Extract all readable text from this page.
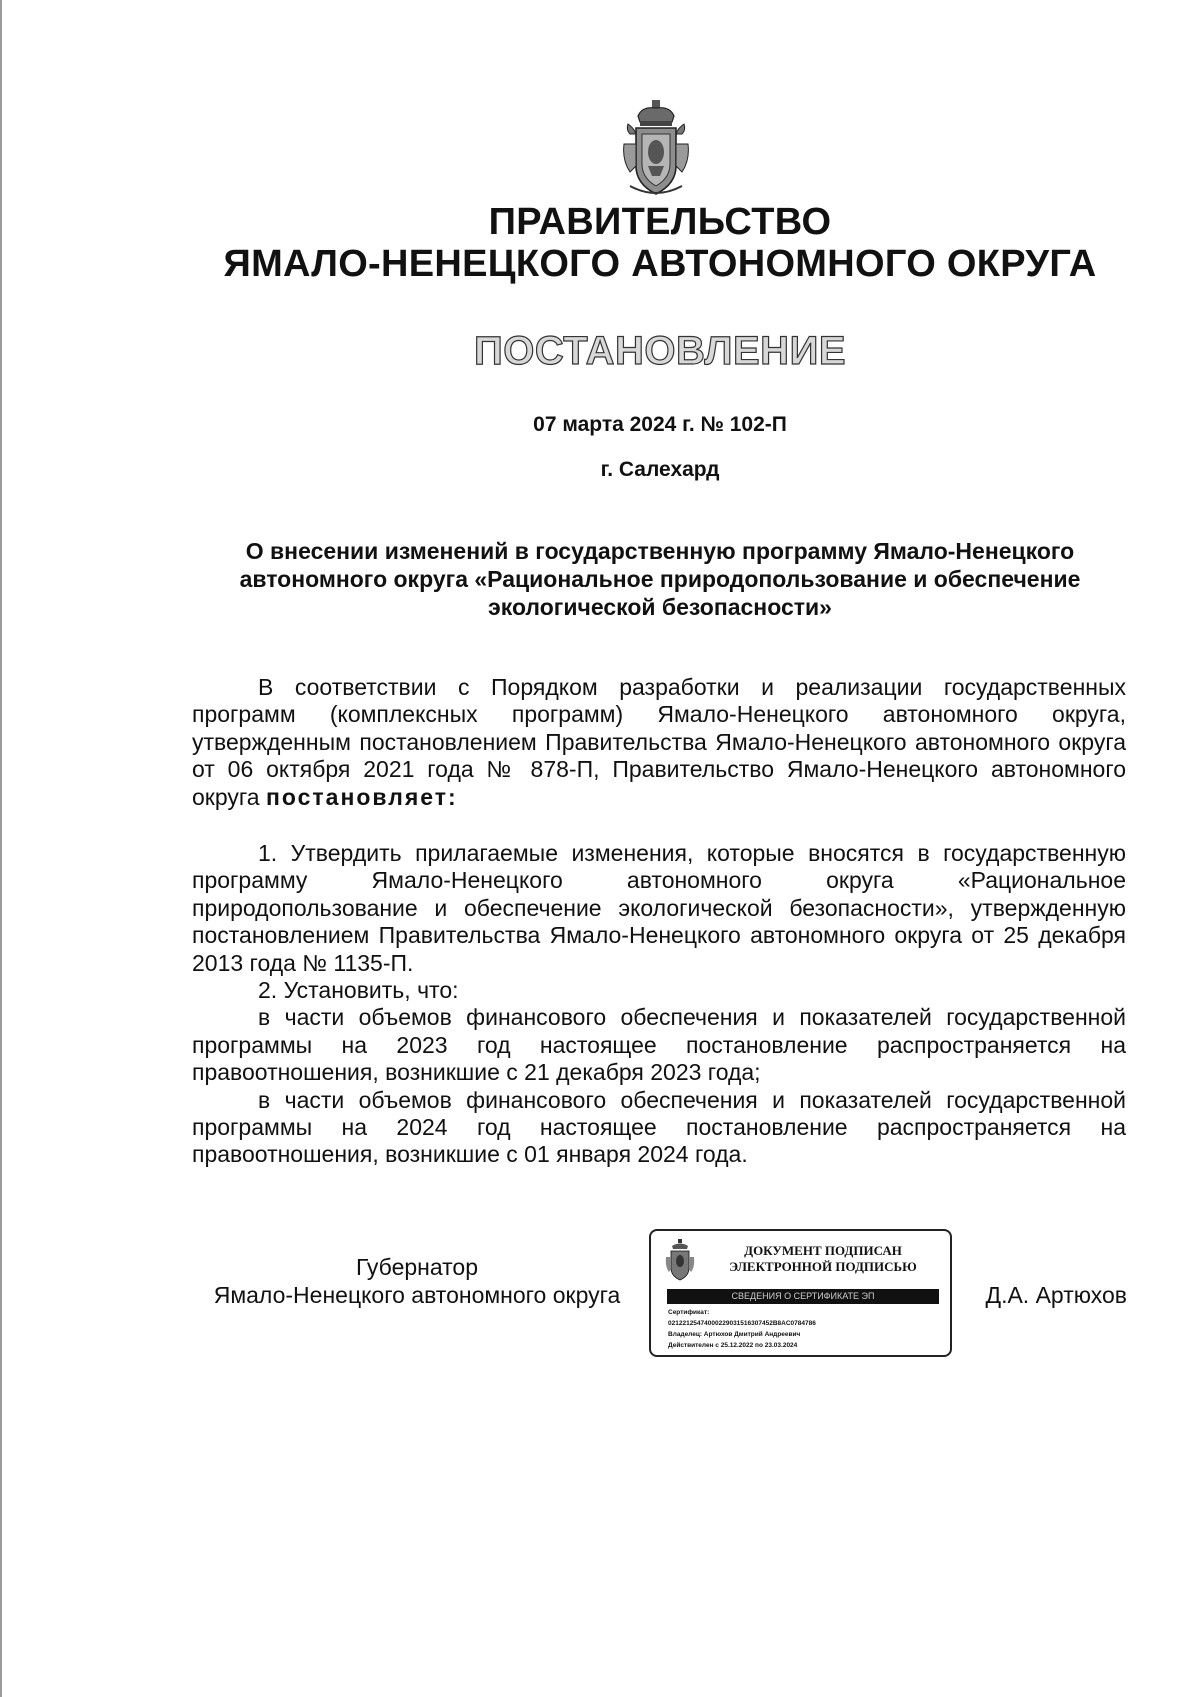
ПРАВИТЕЛЬСТВО
ЯМАЛО-НЕНЕЦКОГО АВТОНОМНОГО ОКРУГА
ПОСТАНОВЛЕНИЕ
07 марта 2024 г. № 102-П
г. Салехард
О внесении изменений в государственную программу Ямало-Ненецкого
автономного округа «Рациональное природопользование и обеспечение
экологической безопасности»

В соответствии с Порядком разработки и реализации государственных программ (комплексных программ) Ямало-Ненецкого автономного округа, утвержденным постановлением Правительства Ямало-Ненецкого автономного округа от 06 октября 2021 года № 878-П, Правительство Ямало-Ненецкого автономного округа постановляет:

1. Утвердить прилагаемые изменения, которые вносятся в государственную программу Ямало-Ненецкого автономного округа «Рациональное природопользование и обеспечение экологической безопасности», утвержденную постановлением Правительства Ямало-Ненецкого автономного округа от 25 декабря 2013 года № 1135-П.

2. Установить, что:

в части объемов финансового обеспечения и показателей государственной программы на 2023 год настоящее постановление распространяется на правоотношения, возникшие с 21 декабря 2023 года;

в части объемов финансового обеспечения и показателей государственной программы на 2024 год настоящее постановление распространяется на правоотношения, возникшие с 01 января 2024 года.

Губернатор
Ямало-Ненецкого автономного округа
ДОКУМЕНТ ПОДПИСАН
ЭЛЕКТРОННОЙ ПОДПИСЬЮ
СВЕДЕНИЯ О СЕРТИФИКАТЕ ЭП
Сертификат:
02122125474000229031516307452B8AC0784786
Владелец: Артюхов Дмитрий Андреевич
Действителен с 25.12.2022 по 23.03.2024
Д.А. Артюхов
